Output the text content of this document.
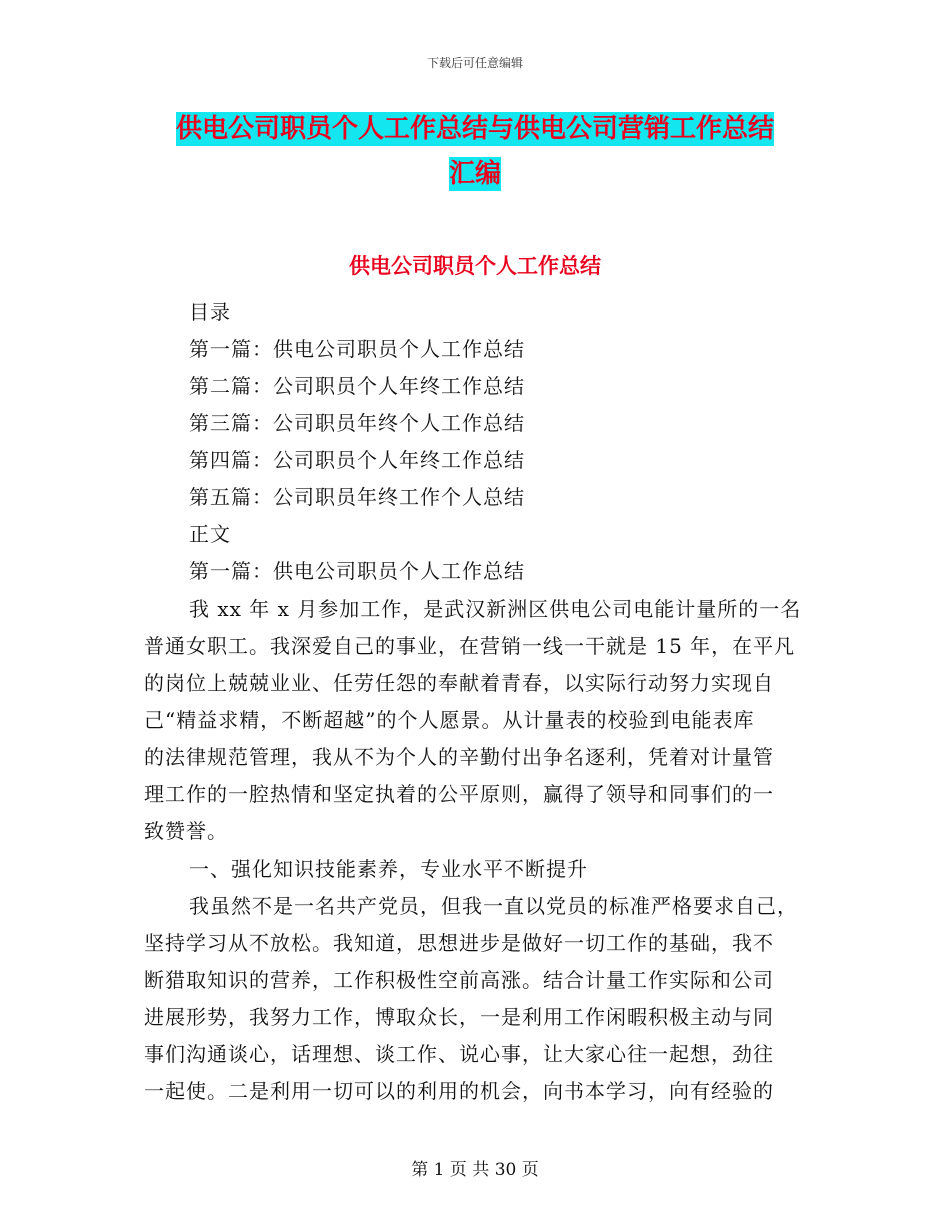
下载后可任意编辑
供电公司职员个人工作总结与供电公司营销工作总结
汇编
供电公司职员个人工作总结
目录
第一篇：供电公司职员个人工作总结
第二篇：公司职员个人年终工作总结
第三篇：公司职员年终个人工作总结
第四篇：公司职员个人年终工作总结
第五篇：公司职员年终工作个人总结
正文
第一篇：供电公司职员个人工作总结
我 xx 年 x 月参加工作，是武汉新洲区供电公司电能计量所的一名
普通女职工。我深爱自己的事业，在营销一线一干就是 15 年，在平凡
的岗位上兢兢业业、任劳任怨的奉献着青春，以实际行动努力实现自
己“精益求精，不断超越”的个人愿景。从计量表的校验到电能表库
的法律规范管理，我从不为个人的辛勤付出争名逐利，凭着对计量管
理工作的一腔热情和坚定执着的公平原则，赢得了领导和同事们的一
致赞誉。
一、强化知识技能素养，专业水平不断提升
我虽然不是一名共产党员，但我一直以党员的标准严格要求自己，
坚持学习从不放松。我知道，思想进步是做好一切工作的基础，我不
断猎取知识的营养，工作积极性空前高涨。结合计量工作实际和公司
进展形势，我努力工作，博取众长，一是利用工作闲暇积极主动与同
事们沟通谈心，话理想、谈工作、说心事，让大家心往一起想，劲往
一起使。二是利用一切可以的利用的机会，向书本学习，向有经验的
第 1 页 共 30 页
